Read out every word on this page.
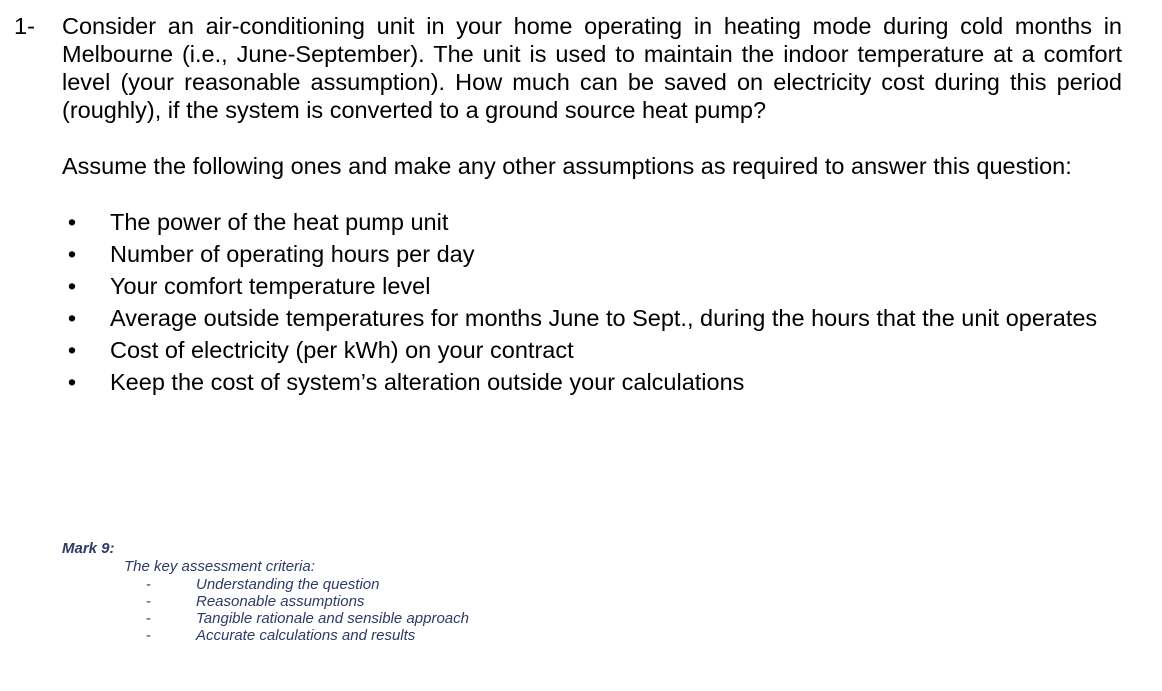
1- Consider an air-conditioning unit in your home operating in heating mode during cold months in Melbourne (i.e., June-September). The unit is used to maintain the indoor temperature at a comfort level (your reasonable assumption). How much can be saved on electricity cost during this period (roughly), if the system is converted to a ground source heat pump?

Assume the following ones and make any other assumptions as required to answer this question:

• The power of the heat pump unit
• Number of operating hours per day
• Your comfort temperature level
• Average outside temperatures for months June to Sept., during the hours that the unit operates
• Cost of electricity (per kWh) on your contract
• Keep the cost of system’s alteration outside your calculations

Mark 9:

The key assessment criteria:

-	Understanding the question
-	Reasonable assumptions
-	Tangible rationale and sensible approach
-	Accurate calculations and results
